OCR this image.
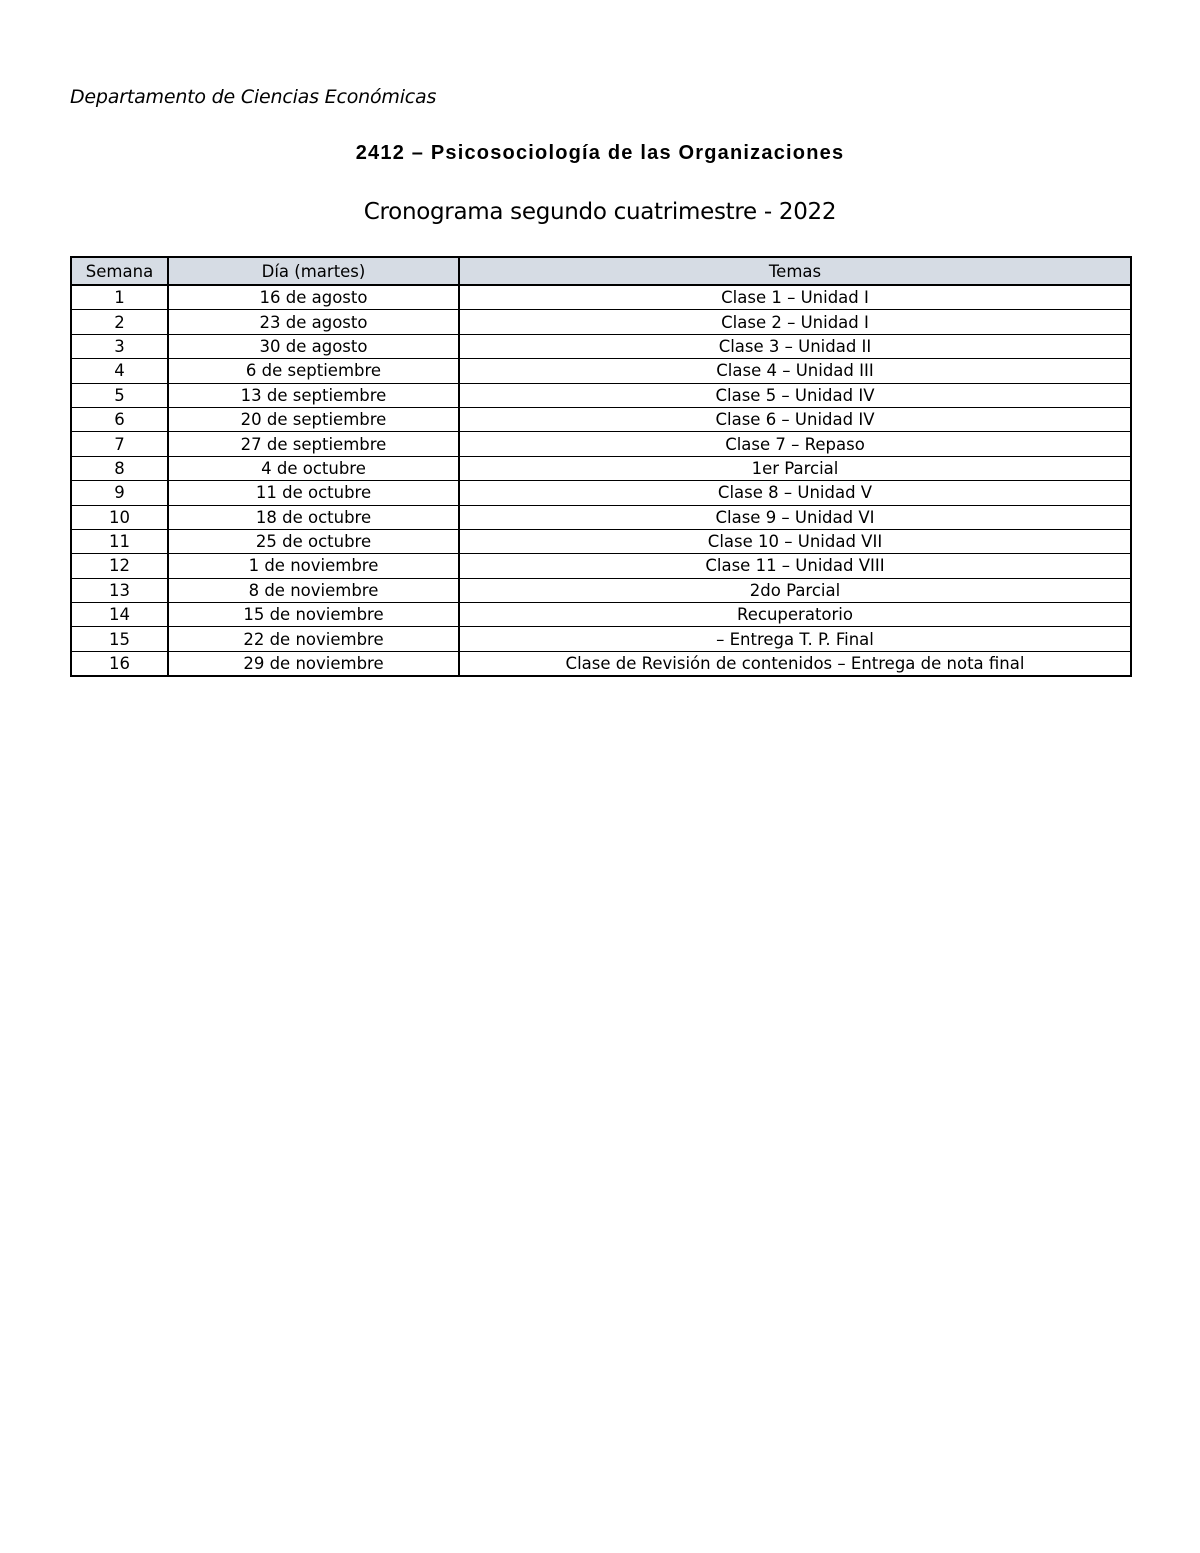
Departamento de Ciencias Económicas
2412 – Psicosociología de las Organizaciones
Cronograma segundo cuatrimestre - 2022
Semana	Día (martes)	Temas
1	16 de agosto	Clase 1 – Unidad I
2	23 de agosto	Clase 2 – Unidad I
3	30 de agosto	Clase 3 – Unidad II
4	6 de septiembre	Clase 4 – Unidad III
5	13 de septiembre	Clase 5 – Unidad IV
6	20 de septiembre	Clase 6 – Unidad IV
7	27 de septiembre	Clase 7 – Repaso
8	4 de octubre	1er Parcial
9	11 de octubre	Clase 8 – Unidad V
10	18 de octubre	Clase 9 – Unidad VI
11	25 de octubre	Clase 10 – Unidad VII
12	1 de noviembre	Clase 11 – Unidad VIII
13	8 de noviembre	2do Parcial
14	15 de noviembre	Recuperatorio
15	22 de noviembre	– Entrega T. P. Final
16	29 de noviembre	Clase de Revisión de contenidos – Entrega de nota final
